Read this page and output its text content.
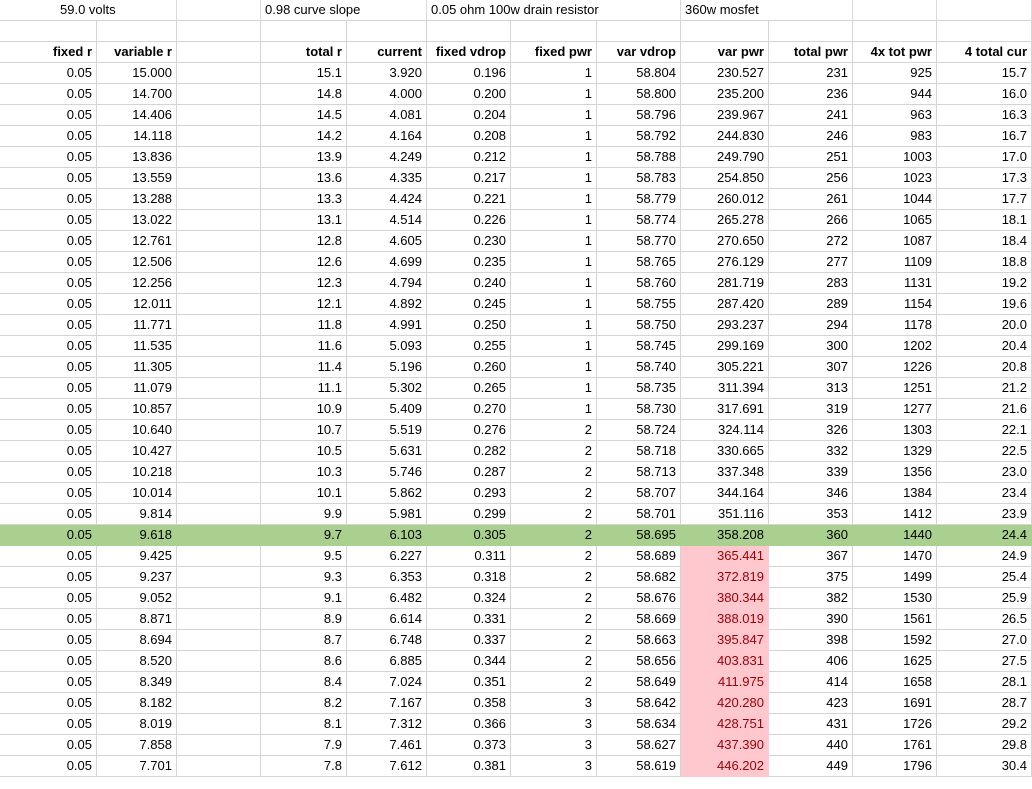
59.0 volts	0.98 curve slope	0.05 ohm 100w drain resistor	360w mosfet
fixed r	variable r	total r	current	fixed vdrop	fixed pwr	var vdrop	var pwr	total pwr	4x tot pwr	4 total cur
0.05	15.000	15.1	3.920	0.196	1	58.804	230.527	231	925	15.7
0.05	14.700	14.8	4.000	0.200	1	58.800	235.200	236	944	16.0
0.05	14.406	14.5	4.081	0.204	1	58.796	239.967	241	963	16.3
0.05	14.118	14.2	4.164	0.208	1	58.792	244.830	246	983	16.7
0.05	13.836	13.9	4.249	0.212	1	58.788	249.790	251	1003	17.0
0.05	13.559	13.6	4.335	0.217	1	58.783	254.850	256	1023	17.3
0.05	13.288	13.3	4.424	0.221	1	58.779	260.012	261	1044	17.7
0.05	13.022	13.1	4.514	0.226	1	58.774	265.278	266	1065	18.1
0.05	12.761	12.8	4.605	0.230	1	58.770	270.650	272	1087	18.4
0.05	12.506	12.6	4.699	0.235	1	58.765	276.129	277	1109	18.8
0.05	12.256	12.3	4.794	0.240	1	58.760	281.719	283	1131	19.2
0.05	12.011	12.1	4.892	0.245	1	58.755	287.420	289	1154	19.6
0.05	11.771	11.8	4.991	0.250	1	58.750	293.237	294	1178	20.0
0.05	11.535	11.6	5.093	0.255	1	58.745	299.169	300	1202	20.4
0.05	11.305	11.4	5.196	0.260	1	58.740	305.221	307	1226	20.8
0.05	11.079	11.1	5.302	0.265	1	58.735	311.394	313	1251	21.2
0.05	10.857	10.9	5.409	0.270	1	58.730	317.691	319	1277	21.6
0.05	10.640	10.7	5.519	0.276	2	58.724	324.114	326	1303	22.1
0.05	10.427	10.5	5.631	0.282	2	58.718	330.665	332	1329	22.5
0.05	10.218	10.3	5.746	0.287	2	58.713	337.348	339	1356	23.0
0.05	10.014	10.1	5.862	0.293	2	58.707	344.164	346	1384	23.4
0.05	9.814	9.9	5.981	0.299	2	58.701	351.116	353	1412	23.9
0.05	9.618	9.7	6.103	0.305	2	58.695	358.208	360	1440	24.4
0.05	9.425	9.5	6.227	0.311	2	58.689	365.441	367	1470	24.9
0.05	9.237	9.3	6.353	0.318	2	58.682	372.819	375	1499	25.4
0.05	9.052	9.1	6.482	0.324	2	58.676	380.344	382	1530	25.9
0.05	8.871	8.9	6.614	0.331	2	58.669	388.019	390	1561	26.5
0.05	8.694	8.7	6.748	0.337	2	58.663	395.847	398	1592	27.0
0.05	8.520	8.6	6.885	0.344	2	58.656	403.831	406	1625	27.5
0.05	8.349	8.4	7.024	0.351	2	58.649	411.975	414	1658	28.1
0.05	8.182	8.2	7.167	0.358	3	58.642	420.280	423	1691	28.7
0.05	8.019	8.1	7.312	0.366	3	58.634	428.751	431	1726	29.2
0.05	7.858	7.9	7.461	0.373	3	58.627	437.390	440	1761	29.8
0.05	7.701	7.8	7.612	0.381	3	58.619	446.202	449	1796	30.4
